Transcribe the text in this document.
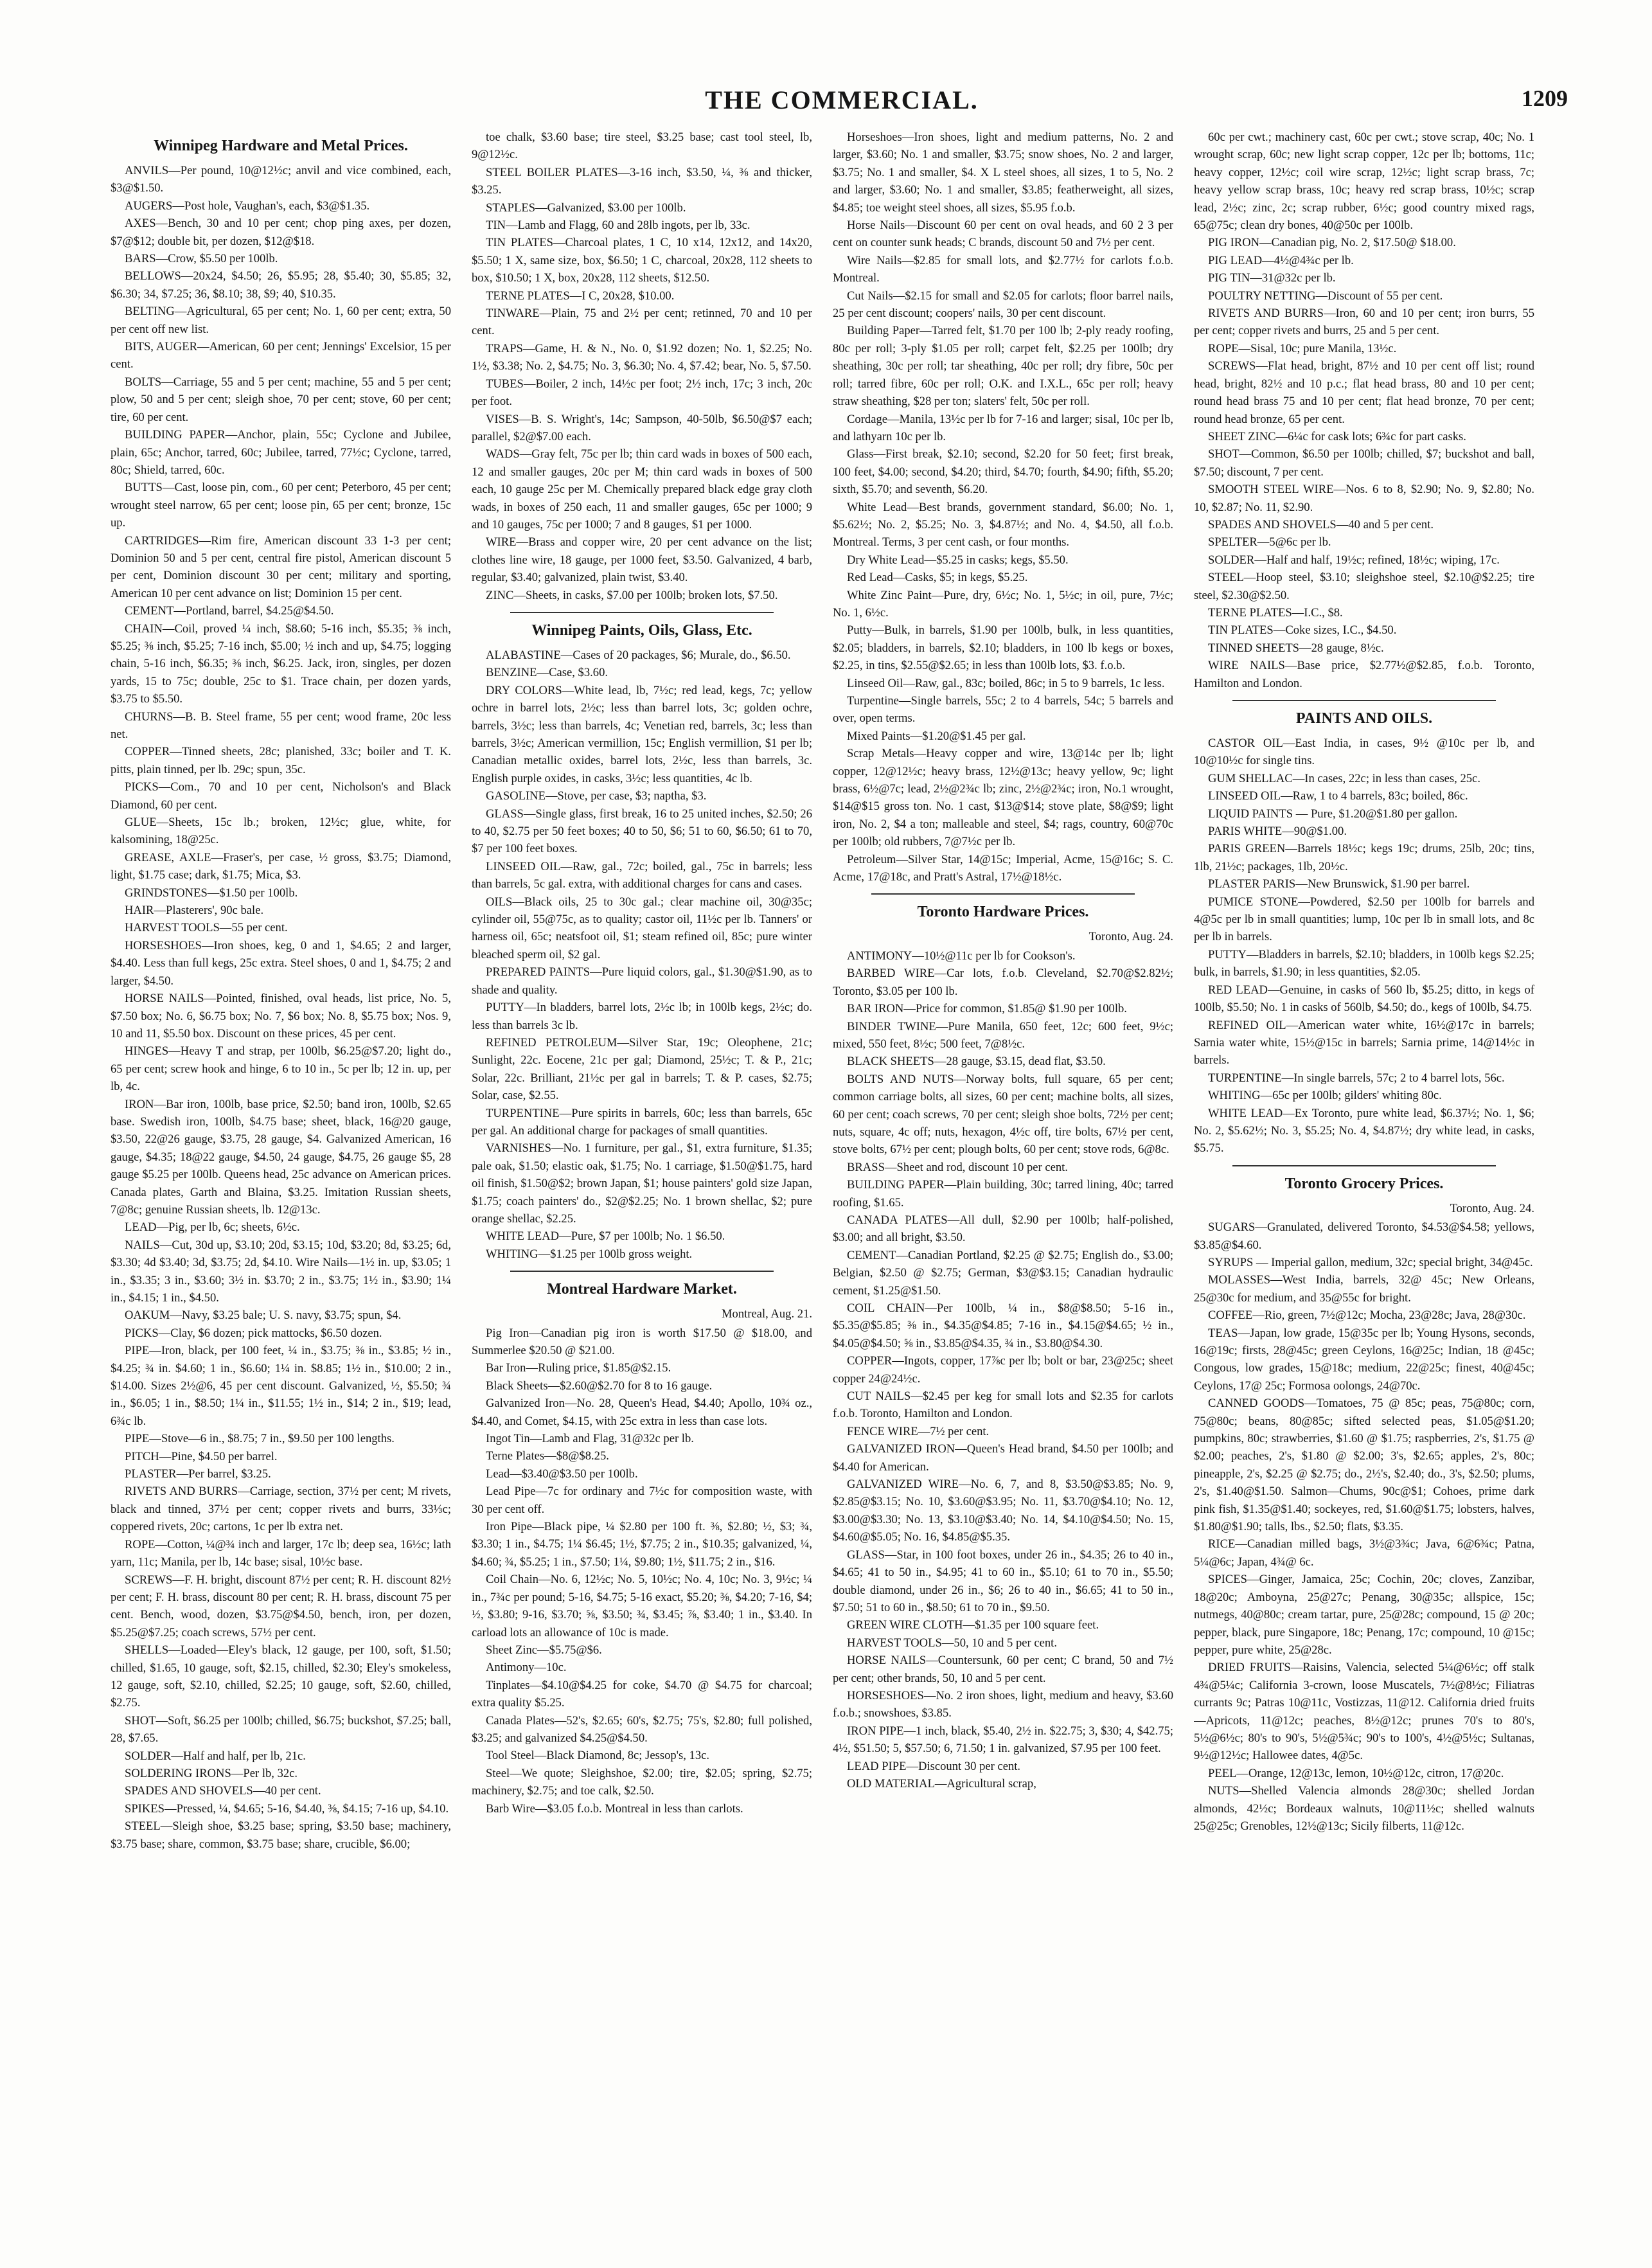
THE COMMERCIAL.	1209
Winnipeg Hardware and Metal Prices.

ANVILS—Per pound, 10@12½c; anvil and vice combined, each, $3@$1.50.

AUGERS—Post hole, Vaughan's, each, $3@$1.35.

AXES—Bench, 30 and 10 per cent; chop ping axes, per dozen, $7@$12; double bit, per dozen, $12@$18.

BARS—Crow, $5.50 per 100lb.

BELLOWS—20x24, $4.50; 26, $5.95; 28, $5.40; 30, $5.85; 32, $6.30; 34, $7.25; 36, $8.10; 38, $9; 40, $10.35.

BELTING—Agricultural, 65 per cent; No. 1, 60 per cent; extra, 50 per cent off new list.

BITS, AUGER—American, 60 per cent; Jennings' Excelsior, 15 per cent.

BOLTS—Carriage, 55 and 5 per cent; machine, 55 and 5 per cent; plow, 50 and 5 per cent; sleigh shoe, 70 per cent; stove, 60 per cent; tire, 60 per cent.

BUILDING PAPER—Anchor, plain, 55c; Cyclone and Jubilee, plain, 65c; Anchor, tarred, 60c; Jubilee, tarred, 77½c; Cyclone, tarred, 80c; Shield, tarred, 60c.

BUTTS—Cast, loose pin, com., 60 per cent; Peterboro, 45 per cent; wrought steel narrow, 65 per cent; loose pin, 65 per cent; bronze, 15c up.

CARTRIDGES—Rim fire, American discount 33 1-3 per cent; Dominion 50 and 5 per cent, central fire pistol, American discount 5 per cent, Dominion discount 30 per cent; military and sporting, American 10 per cent advance on list; Dominion 15 per cent.

CEMENT—Portland, barrel, $4.25@$4.50.

CHAIN—Coil, proved ¼ inch, $8.60; 5-16 inch, $5.35; ⅜ inch, $5.25; ⅜ inch, $5.25; 7-16 inch, $5.00; ½ inch and up, $4.75; logging chain, 5-16 inch, $6.35; ⅜ inch, $6.25. Jack, iron, singles, per dozen yards, 15 to 75c; double, 25c to $1. Trace chain, per dozen yards, $3.75 to $5.50.

CHURNS—B. B. Steel frame, 55 per cent; wood frame, 20c less net.

COPPER—Tinned sheets, 28c; planished, 33c; boiler and T. K. pitts, plain tinned, per lb. 29c; spun, 35c.

PICKS—Com., 70 and 10 per cent, Nicholson's and Black Diamond, 60 per cent.

GLUE—Sheets, 15c lb.; broken, 12½c; glue, white, for kalsomining, 18@25c.

GREASE, AXLE—Fraser's, per case, ½ gross, $3.75; Diamond, light, $1.75 case; dark, $1.75; Mica, $3.

GRINDSTONES—$1.50 per 100lb.

HAIR—Plasterers', 90c bale.

HARVEST TOOLS—55 per cent.

HORSESHOES—Iron shoes, keg, 0 and 1, $4.65; 2 and larger, $4.40. Less than full kegs, 25c extra. Steel shoes, 0 and 1, $4.75; 2 and larger, $4.50.

HORSE NAILS—Pointed, finished, oval heads, list price, No. 5, $7.50 box; No. 6, $6.75 box; No. 7, $6 box; No. 8, $5.75 box; Nos. 9, 10 and 11, $5.50 box. Discount on these prices, 45 per cent.

HINGES—Heavy T and strap, per 100lb, $6.25@$7.20; light do., 65 per cent; screw hook and hinge, 6 to 10 in., 5c per lb; 12 in. up, per lb, 4c.

IRON—Bar iron, 100lb, base price, $2.50; band iron, 100lb, $2.65 base. Swedish iron, 100lb, $4.75 base; sheet, black, 16@20 gauge, $3.50, 22@26 gauge, $3.75, 28 gauge, $4. Galvanized American, 16 gauge, $4.35; 18@22 gauge, $4.50, 24 gauge, $4.75, 26 gauge $5, 28 gauge $5.25 per 100lb. Queens head, 25c advance on American prices. Canada plates, Garth and Blaina, $3.25. Imitation Russian sheets, 7@8c; genuine Russian sheets, lb. 12@13c.

LEAD—Pig, per lb, 6c; sheets, 6½c.

NAILS—Cut, 30d up, $3.10; 20d, $3.15; 10d, $3.20; 8d, $3.25; 6d, $3.30; 4d $3.40; 3d, $3.75; 2d, $4.10. Wire Nails—1½ in. up, $3.05; 1 in., $3.35; 3 in., $3.60; 3½ in. $3.70; 2 in., $3.75; 1½ in., $3.90; 1¼ in., $4.15; 1 in., $4.50.

OAKUM—Navy, $3.25 bale; U. S. navy, $3.75; spun, $4.

PICKS—Clay, $6 dozen; pick mattocks, $6.50 dozen.

PIPE—Iron, black, per 100 feet, ¼ in., $3.75; ⅜ in., $3.85; ½ in., $4.25; ¾ in. $4.60; 1 in., $6.60; 1¼ in. $8.85; 1½ in., $10.00; 2 in., $14.00. Sizes 2½@6, 45 per cent discount. Galvanized, ½, $5.50; ¾ in., $6.05; 1 in., $8.50; 1¼ in., $11.55; 1½ in., $14; 2 in., $19; lead, 6¾c lb.

PIPE—Stove—6 in., $8.75; 7 in., $9.50 per 100 lengths.

PITCH—Pine, $4.50 per barrel.

PLASTER—Per barrel, $3.25.

RIVETS AND BURRS—Carriage, section, 37½ per cent; M rivets, black and tinned, 37½ per cent; copper rivets and burrs, 33⅓c; coppered rivets, 20c; cartons, 1c per lb extra net.

ROPE—Cotton, ¼@¾ inch and larger, 17c lb; deep sea, 16½c; lath yarn, 11c; Manila, per lb, 14c base; sisal, 10½c base.

SCREWS—F. H. bright, discount 87½ per cent; R. H. discount 82½ per cent; F. H. brass, discount 80 per cent; R. H. brass, discount 75 per cent. Bench, wood, dozen, $3.75@$4.50, bench, iron, per dozen, $5.25@$7.25; coach screws, 57½ per cent.

SHELLS—Loaded—Eley's black, 12 gauge, per 100, soft, $1.50; chilled, $1.65, 10 gauge, soft, $2.15, chilled, $2.30; Eley's smokeless, 12 gauge, soft, $2.10, chilled, $2.25; 10 gauge, soft, $2.60, chilled, $2.75.

SHOT—Soft, $6.25 per 100lb; chilled, $6.75; buckshot, $7.25; ball, 28, $7.65.

SOLDER—Half and half, per lb, 21c.

SOLDERING IRONS—Per lb, 32c.

SPADES AND SHOVELS—40 per cent.

SPIKES—Pressed, ¼, $4.65; 5-16, $4.40, ⅜, $4.15; 7-16 up, $4.10.

STEEL—Sleigh shoe, $3.25 base; spring, $3.50 base; machinery, $3.75 base; share, common, $3.75 base; share, crucible, $6.00;

toe chalk, $3.60 base; tire steel, $3.25 base; cast tool steel, lb, 9@12½c.

STEEL BOILER PLATES—3-16 inch, $3.50, ¼, ⅜ and thicker, $3.25.

STAPLES—Galvanized, $3.00 per 100lb.

TIN—Lamb and Flagg, 60 and 28lb ingots, per lb, 33c.

TIN PLATES—Charcoal plates, 1 C, 10 x14, 12x12, and 14x20, $5.50; 1 X, same size, box, $6.50; 1 C, charcoal, 20x28, 112 sheets to box, $10.50; 1 X, box, 20x28, 112 sheets, $12.50.

TERNE PLATES—I C, 20x28, $10.00.

TINWARE—Plain, 75 and 2½ per cent; retinned, 70 and 10 per cent.

TRAPS—Game, H. & N., No. 0, $1.92 dozen; No. 1, $2.25; No. 1½, $3.38; No. 2, $4.75; No. 3, $6.30; No. 4, $7.42; bear, No. 5, $7.50.

TUBES—Boiler, 2 inch, 14½c per foot; 2½ inch, 17c; 3 inch, 20c per foot.

VISES—B. S. Wright's, 14c; Sampson, 40-50lb, $6.50@$7 each; parallel, $2@$7.00 each.

WADS—Gray felt, 75c per lb; thin card wads in boxes of 500 each, 12 and smaller gauges, 20c per M; thin card wads in boxes of 500 each, 10 gauge 25c per M. Chemically prepared black edge gray cloth wads, in boxes of 250 each, 11 and smaller gauges, 65c per 1000; 9 and 10 gauges, 75c per 1000; 7 and 8 gauges, $1 per 1000.

WIRE—Brass and copper wire, 20 per cent advance on the list; clothes line wire, 18 gauge, per 1000 feet, $3.50. Galvanized, 4 barb, regular, $3.40; galvanized, plain twist, $3.40.

ZINC—Sheets, in casks, $7.00 per 100lb; broken lots, $7.50.

Winnipeg Paints, Oils, Glass, Etc.

ALABASTINE—Cases of 20 packages, $6; Murale, do., $6.50.

BENZINE—Case, $3.60.

DRY COLORS—White lead, lb, 7½c; red lead, kegs, 7c; yellow ochre in barrel lots, 2½c; less than barrel lots, 3c; golden ochre, barrels, 3½c; less than barrels, 4c; Venetian red, barrels, 3c; less than barrels, 3½c; American vermillion, 15c; English vermillion, $1 per lb; Canadian metallic oxides, barrel lots, 2½c, less than barrels, 3c. English purple oxides, in casks, 3½c; less quantities, 4c lb.

GASOLINE—Stove, per case, $3; naptha, $3.

GLASS—Single glass, first break, 16 to 25 united inches, $2.50; 26 to 40, $2.75 per 50 feet boxes; 40 to 50, $6; 51 to 60, $6.50; 61 to 70, $7 per 100 feet boxes.

LINSEED OIL—Raw, gal., 72c; boiled, gal., 75c in barrels; less than barrels, 5c gal. extra, with additional charges for cans and cases.

OILS—Black oils, 25 to 30c gal.; clear machine oil, 30@35c; cylinder oil, 55@75c, as to quality; castor oil, 11½c per lb. Tanners' or harness oil, 65c; neatsfoot oil, $1; steam refined oil, 85c; pure winter bleached sperm oil, $2 gal.

PREPARED PAINTS—Pure liquid colors, gal., $1.30@$1.90, as to shade and quality.

PUTTY—In bladders, barrel lots, 2½c lb; in 100lb kegs, 2½c; do. less than barrels 3c lb.

REFINED PETROLEUM—Silver Star, 19c; Oleophene, 21c; Sunlight, 22c. Eocene, 21c per gal; Diamond, 25½c; T. & P., 21c; Solar, 22c. Brilliant, 21½c per gal in barrels; T. & P. cases, $2.75; Solar, case, $2.55.

TURPENTINE—Pure spirits in barrels, 60c; less than barrels, 65c per gal. An additional charge for packages of small quantities.

VARNISHES—No. 1 furniture, per gal., $1, extra furniture, $1.35; pale oak, $1.50; elastic oak, $1.75; No. 1 carriage, $1.50@$1.75, hard oil finish, $1.50@$2; brown Japan, $1; house painters' gold size Japan, $1.75; coach painters' do., $2@$2.25; No. 1 brown shellac, $2; pure orange shellac, $2.25.

WHITE LEAD—Pure, $7 per 100lb; No. 1 $6.50.

WHITING—$1.25 per 100lb gross weight.

Montreal Hardware Market.
Montreal, Aug. 21.

Pig Iron—Canadian pig iron is worth $17.50 @ $18.00, and Summerlee $20.50 @ $21.00.

Bar Iron—Ruling price, $1.85@$2.15.

Black Sheets—$2.60@$2.70 for 8 to 16 gauge.

Galvanized Iron—No. 28, Queen's Head, $4.40; Apollo, 10¾ oz., $4.40, and Comet, $4.15, with 25c extra in less than case lots.

Ingot Tin—Lamb and Flag, 31@32c per lb.

Terne Plates—$8@$8.25.

Lead—$3.40@$3.50 per 100lb.

Lead Pipe—7c for ordinary and 7½c for composition waste, with 30 per cent off.

Iron Pipe—Black pipe, ¼ $2.80 per 100 ft. ⅜, $2.80; ½, $3; ¾, $3.30; 1 in., $4.75; 1¼ $6.45; 1½, $7.75; 2 in., $10.35; galvanized, ¼, $4.60; ¾, $5.25; 1 in., $7.50; 1¼, $9.80; 1½, $11.75; 2 in., $16.

Coil Chain—No. 6, 12½c; No. 5, 10½c; No. 4, 10c; No. 3, 9½c; ¼ in., 7¾c per pound; 5-16, $4.75; 5-16 exact, $5.20; ⅜, $4.20; 7-16, $4; ½, $3.80; 9-16, $3.70; ⅝, $3.50; ¾, $3.45; ⅞, $3.40; 1 in., $3.40. In carload lots an allowance of 10c is made.

Sheet Zinc—$5.75@$6.

Antimony—10c.

Tinplates—$4.10@$4.25 for coke, $4.70 @ $4.75 for charcoal; extra quality $5.25.

Canada Plates—52's, $2.65; 60's, $2.75; 75's, $2.80; full polished, $3.25; and galvanized $4.25@$4.50.

Tool Steel—Black Diamond, 8c; Jessop's, 13c.

Steel—We quote; Sleighshoe, $2.00; tire, $2.05; spring, $2.75; machinery, $2.75; and toe calk, $2.50.

Barb Wire—$3.05 f.o.b. Montreal in less than carlots.

Horseshoes—Iron shoes, light and medium patterns, No. 2 and larger, $3.60; No. 1 and smaller, $3.75; snow shoes, No. 2 and larger, $3.75; No. 1 and smaller, $4. X L steel shoes, all sizes, 1 to 5, No. 2 and larger, $3.60; No. 1 and smaller, $3.85; featherweight, all sizes, $4.85; toe weight steel shoes, all sizes, $5.95 f.o.b.

Horse Nails—Discount 60 per cent on oval heads, and 60 2 3 per cent on counter sunk heads; C brands, discount 50 and 7½ per cent.

Wire Nails—$2.85 for small lots, and $2.77½ for carlots f.o.b. Montreal.

Cut Nails—$2.15 for small and $2.05 for carlots; floor barrel nails, 25 per cent discount; coopers' nails, 30 per cent discount.

Building Paper—Tarred felt, $1.70 per 100 lb; 2-ply ready roofing, 80c per roll; 3-ply $1.05 per roll; carpet felt, $2.25 per 100lb; dry sheathing, 30c per roll; tar sheathing, 40c per roll; dry fibre, 50c per roll; tarred fibre, 60c per roll; O.K. and I.X.L., 65c per roll; heavy straw sheathing, $28 per ton; slaters' felt, 50c per roll.

Cordage—Manila, 13½c per lb for 7-16 and larger; sisal, 10c per lb, and lathyarn 10c per lb.

Glass—First break, $2.10; second, $2.20 for 50 feet; first break, 100 feet, $4.00; second, $4.20; third, $4.70; fourth, $4.90; fifth, $5.20; sixth, $5.70; and seventh, $6.20.

White Lead—Best brands, government standard, $6.00; No. 1, $5.62½; No. 2, $5.25; No. 3, $4.87½; and No. 4, $4.50, all f.o.b. Montreal. Terms, 3 per cent cash, or four months.

Dry White Lead—$5.25 in casks; kegs, $5.50.

Red Lead—Casks, $5; in kegs, $5.25.

White Zinc Paint—Pure, dry, 6½c; No. 1, 5½c; in oil, pure, 7½c; No. 1, 6½c.

Putty—Bulk, in barrels, $1.90 per 100lb, bulk, in less quantities, $2.05; bladders, in barrels, $2.10; bladders, in 100 lb kegs or boxes, $2.25, in tins, $2.55@$2.65; in less than 100lb lots, $3. f.o.b.

Linseed Oil—Raw, gal., 83c; boiled, 86c; in 5 to 9 barrels, 1c less.

Turpentine—Single barrels, 55c; 2 to 4 barrels, 54c; 5 barrels and over, open terms.

Mixed Paints—$1.20@$1.45 per gal.

Scrap Metals—Heavy copper and wire, 13@14c per lb; light copper, 12@12½c; heavy brass, 12½@13c; heavy yellow, 9c; light brass, 6½@7c; lead, 2½@2¾c lb; zinc, 2½@2¾c; iron, No.1 wrought, $14@$15 gross ton. No. 1 cast, $13@$14; stove plate, $8@$9; light iron, No. 2, $4 a ton; malleable and steel, $4; rags, country, 60@70c per 100lb; old rubbers, 7@7½c per lb.

Petroleum—Silver Star, 14@15c; Imperial, Acme, 15@16c; S. C. Acme, 17@18c, and Pratt's Astral, 17½@18½c.

Toronto Hardware Prices.
Toronto, Aug. 24.

ANTIMONY—10½@11c per lb for Cookson's.

BARBED WIRE—Car lots, f.o.b. Cleveland, $2.70@$2.82½; Toronto, $3.05 per 100 lb.

BAR IRON—Price for common, $1.85@ $1.90 per 100lb.

BINDER TWINE—Pure Manila, 650 feet, 12c; 600 feet, 9½c; mixed, 550 feet, 8½c; 500 feet, 7@8½c.

BLACK SHEETS—28 gauge, $3.15, dead flat, $3.50.

BOLTS AND NUTS—Norway bolts, full square, 65 per cent; common carriage bolts, all sizes, 60 per cent; machine bolts, all sizes, 60 per cent; coach screws, 70 per cent; sleigh shoe bolts, 72½ per cent; nuts, square, 4c off; nuts, hexagon, 4½c off, tire bolts, 67½ per cent, stove bolts, 67½ per cent; plough bolts, 60 per cent; stove rods, 6@8c.

BRASS—Sheet and rod, discount 10 per cent.

BUILDING PAPER—Plain building, 30c; tarred lining, 40c; tarred roofing, $1.65.

CANADA PLATES—All dull, $2.90 per 100lb; half-polished, $3.00; and all bright, $3.50.

CEMENT—Canadian Portland, $2.25 @ $2.75; English do., $3.00; Belgian, $2.50 @ $2.75; German, $3@$3.15; Canadian hydraulic cement, $1.25@$1.50.

COIL CHAIN—Per 100lb, ¼ in., $8@$8.50; 5-16 in., $5.35@$5.85; ⅜ in., $4.35@$4.85; 7-16 in., $4.15@$4.65; ½ in., $4.05@$4.50; ⅝ in., $3.85@$4.35, ¾ in., $3.80@$4.30.

COPPER—Ingots, copper, 17⅞c per lb; bolt or bar, 23@25c; sheet copper 24@24½c.

CUT NAILS—$2.45 per keg for small lots and $2.35 for carlots f.o.b. Toronto, Hamilton and London.

FENCE WIRE—7½ per cent.

GALVANIZED IRON—Queen's Head brand, $4.50 per 100lb; and $4.40 for American.

GALVANIZED WIRE—No. 6, 7, and 8, $3.50@$3.85; No. 9, $2.85@$3.15; No. 10, $3.60@$3.95; No. 11, $3.70@$4.10; No. 12, $3.00@$3.30; No. 13, $3.10@$3.40; No. 14, $4.10@$4.50; No. 15, $4.60@$5.05; No. 16, $4.85@$5.35.

GLASS—Star, in 100 foot boxes, under 26 in., $4.35; 26 to 40 in., $4.65; 41 to 50 in., $4.95; 41 to 60 in., $5.10; 61 to 70 in., $5.50; double diamond, under 26 in., $6; 26 to 40 in., $6.65; 41 to 50 in., $7.50; 51 to 60 in., $8.50; 61 to 70 in., $9.50.

GREEN WIRE CLOTH—$1.35 per 100 square feet.

HARVEST TOOLS—50, 10 and 5 per cent.

HORSE NAILS—Countersunk, 60 per cent; C brand, 50 and 7½ per cent; other brands, 50, 10 and 5 per cent.

HORSESHOES—No. 2 iron shoes, light, medium and heavy, $3.60 f.o.b.; snowshoes, $3.85.

IRON PIPE—1 inch, black, $5.40, 2½ in. $22.75; 3, $30; 4, $42.75; 4½, $51.50; 5, $57.50; 6, 71.50; 1 in. galvanized, $7.95 per 100 feet.

LEAD PIPE—Discount 30 per cent.

OLD MATERIAL—Agricultural scrap,

60c per cwt.; machinery cast, 60c per cwt.; stove scrap, 40c; No. 1 wrought scrap, 60c; new light scrap copper, 12c per lb; bottoms, 11c; heavy copper, 12½c; coil wire scrap, 12½c; light scrap brass, 7c; heavy yellow scrap brass, 10c; heavy red scrap brass, 10½c; scrap lead, 2½c; zinc, 2c; scrap rubber, 6½c; good country mixed rags, 65@75c; clean dry bones, 40@50c per 100lb.

PIG IRON—Canadian pig, No. 2, $17.50@ $18.00.

PIG LEAD—4½@4¾c per lb.

PIG TIN—31@32c per lb.

POULTRY NETTING—Discount of 55 per cent.

RIVETS AND BURRS—Iron, 60 and 10 per cent; iron burrs, 55 per cent; copper rivets and burrs, 25 and 5 per cent.

ROPE—Sisal, 10c; pure Manila, 13½c.

SCREWS—Flat head, bright, 87½ and 10 per cent off list; round head, bright, 82½ and 10 p.c.; flat head brass, 80 and 10 per cent; round head brass 75 and 10 per cent; flat head bronze, 70 per cent; round head bronze, 65 per cent.

SHEET ZINC—6¼c for cask lots; 6¾c for part casks.

SHOT—Common, $6.50 per 100lb; chilled, $7; buckshot and ball, $7.50; discount, 7 per cent.

SMOOTH STEEL WIRE—Nos. 6 to 8, $2.90; No. 9, $2.80; No. 10, $2.87; No. 11, $2.90.

SPADES AND SHOVELS—40 and 5 per cent.

SPELTER—5@6c per lb.

SOLDER—Half and half, 19½c; refined, 18½c; wiping, 17c.

STEEL—Hoop steel, $3.10; sleighshoe steel, $2.10@$2.25; tire steel, $2.30@$2.50.

TERNE PLATES—I.C., $8.

TIN PLATES—Coke sizes, I.C., $4.50.

TINNED SHEETS—28 gauge, 8½c.

WIRE NAILS—Base price, $2.77½@$2.85, f.o.b. Toronto, Hamilton and London.

PAINTS AND OILS.

CASTOR OIL—East India, in cases, 9½ @10c per lb, and 10@10½c for single tins.

GUM SHELLAC—In cases, 22c; in less than cases, 25c.

LINSEED OIL—Raw, 1 to 4 barrels, 83c; boiled, 86c.

LIQUID PAINTS — Pure, $1.20@$1.80 per gallon.

PARIS WHITE—90@$1.00.

PARIS GREEN—Barrels 18½c; kegs 19c; drums, 25lb, 20c; tins, 1lb, 21½c; packages, 1lb, 20½c.

PLASTER PARIS—New Brunswick, $1.90 per barrel.

PUMICE STONE—Powdered, $2.50 per 100lb for barrels and 4@5c per lb in small quantities; lump, 10c per lb in small lots, and 8c per lb in barrels.

PUTTY—Bladders in barrels, $2.10; bladders, in 100lb kegs $2.25; bulk, in barrels, $1.90; in less quantities, $2.05.

RED LEAD—Genuine, in casks of 560 lb, $5.25; ditto, in kegs of 100lb, $5.50; No. 1 in casks of 560lb, $4.50; do., kegs of 100lb, $4.75.

REFINED OIL—American water white, 16½@17c in barrels; Sarnia water white, 15½@15c in barrels; Sarnia prime, 14@14½c in barrels.

TURPENTINE—In single barrels, 57c; 2 to 4 barrel lots, 56c.

WHITING—65c per 100lb; gilders' whiting 80c.

WHITE LEAD—Ex Toronto, pure white lead, $6.37½; No. 1, $6; No. 2, $5.62½; No. 3, $5.25; No. 4, $4.87½; dry white lead, in casks, $5.75.

Toronto Grocery Prices.
Toronto, Aug. 24.

SUGARS—Granulated, delivered Toronto, $4.53@$4.58; yellows, $3.85@$4.60.

SYRUPS — Imperial gallon, medium, 32c; special bright, 34@45c.

MOLASSES—West India, barrels, 32@ 45c; New Orleans, 25@30c for medium, and 35@55c for bright.

COFFEE—Rio, green, 7½@12c; Mocha, 23@28c; Java, 28@30c.

TEAS—Japan, low grade, 15@35c per lb; Young Hysons, seconds, 16@19c; firsts, 28@45c; green Ceylons, 16@25c; Indian, 18 @45c; Congous, low grades, 15@18c; medium, 22@25c; finest, 40@45c; Ceylons, 17@ 25c; Formosa oolongs, 24@70c.

CANNED GOODS—Tomatoes, 75 @ 85c; peas, 75@80c; corn, 75@80c; beans, 80@85c; sifted selected peas, $1.05@$1.20; pumpkins, 80c; strawberries, $1.60 @ $1.75; raspberries, 2's, $1.75 @ $2.00; peaches, 2's, $1.80 @ $2.00; 3's, $2.65; apples, 2's, 80c; pineapple, 2's, $2.25 @ $2.75; do., 2½'s, $2.40; do., 3's, $2.50; plums, 2's, $1.40@$1.50. Salmon—Chums, 90c@$1; Cohoes, prime dark pink fish, $1.35@$1.40; sockeyes, red, $1.60@$1.75; lobsters, halves, $1.80@$1.90; talls, lbs., $2.50; flats, $3.35.

RICE—Canadian milled bags, 3½@3¾c; Java, 6@6¾c; Patna, 5¼@6c; Japan, 4¾@ 6c.

SPICES—Ginger, Jamaica, 25c; Cochin, 20c; cloves, Zanzibar, 18@20c; Amboyna, 25@27c; Penang, 30@35c; allspice, 15c; nutmegs, 40@80c; cream tartar, pure, 25@28c; compound, 15 @ 20c; pepper, black, pure Singapore, 18c; Penang, 17c; compound, 10 @15c; pepper, pure white, 25@28c.

DRIED FRUITS—Raisins, Valencia, selected 5¼@6½c; off stalk 4¾@5¼c; California 3-crown, loose Muscatels, 7½@8½c; Filiatras currants 9c; Patras 10@11c, Vostizzas, 11@12. California dried fruits—Apricots, 11@12c; peaches, 8½@12c; prunes 70's to 80's, 5½@6½c; 80's to 90's, 5½@5¾c; 90's to 100's, 4½@5½c; Sultanas, 9½@12½c; Hallowee dates, 4@5c.

PEEL—Orange, 12@13c, lemon, 10½@12c, citron, 17@20c.

NUTS—Shelled Valencia almonds 28@30c; shelled Jordan almonds, 42½c; Bordeaux walnuts, 10@11½c; shelled walnuts 25@25c; Grenobles, 12½@13c; Sicily filberts, 11@12c.
